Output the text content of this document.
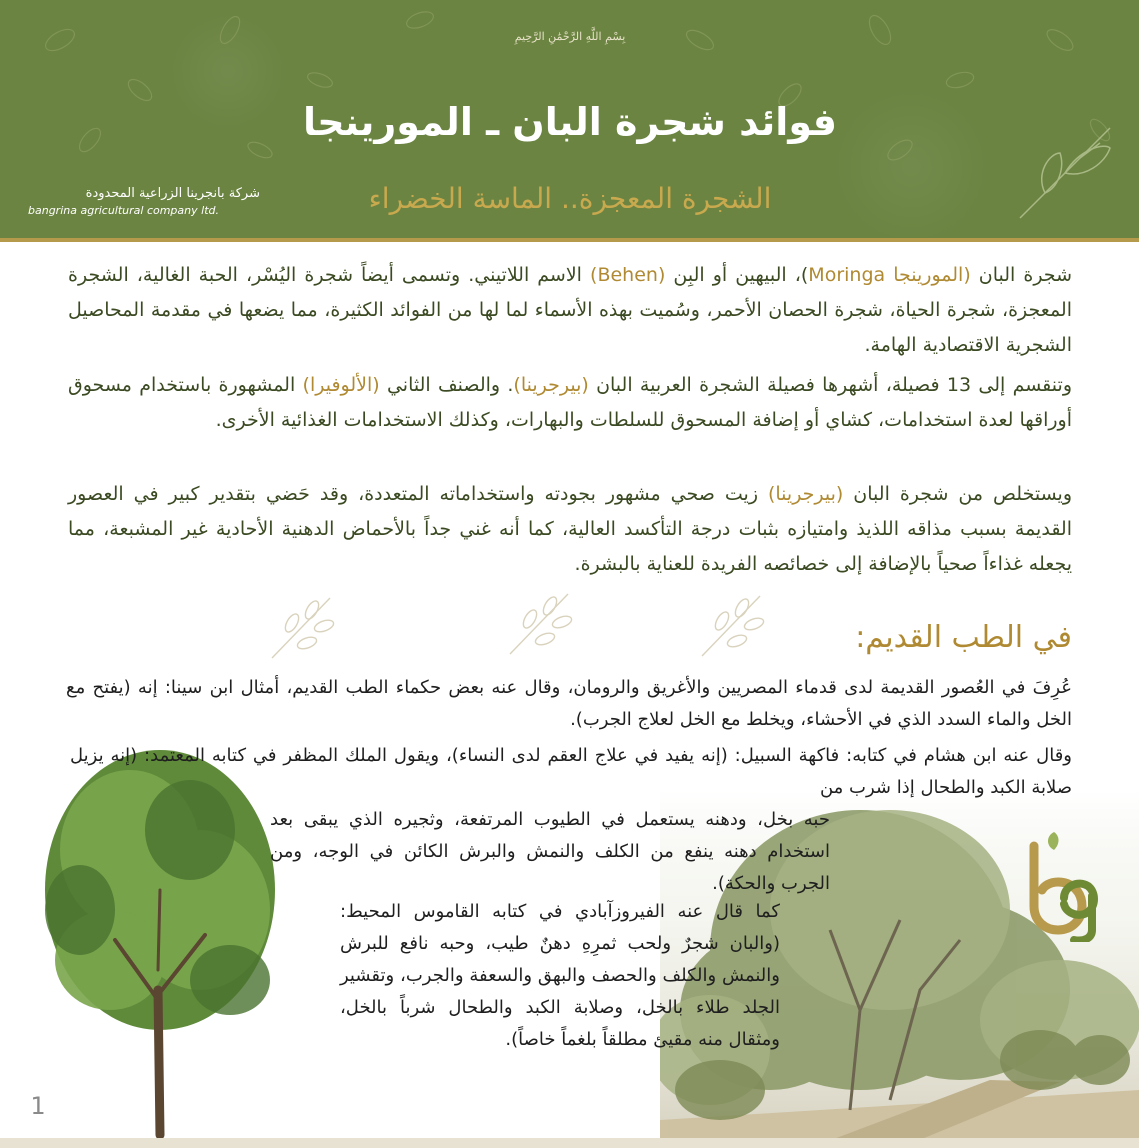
بِسْمِ اللَّهِ الرَّحْمَٰنِ الرَّحِيمِ
فوائد شجرة البان ـ المورينجا
الشجرة المعجزة.. الماسة الخضراء
شركة بانجرينا الزراعية المحدودة
bangrina agricultural company ltd.

شجرة البان (المورينجا Moringa)، البيهين أو البِن (Behen) الاسم اللاتيني. وتسمى أيضاً شجرة اليُسْر، الحبة الغالية، الشجرة المعجزة، شجرة الحياة، شجرة الحصان الأحمر، وسُميت بهذه الأسماء لما لها من الفوائد الكثيرة، مما يضعها في مقدمة المحاصيل الشجرية الاقتصادية الهامة.

وتنقسم إلى 13 فصيلة، أشهرها فصيلة الشجرة العربية البان (بيرجرينا). والصنف الثاني (الألوفيرا) المشهورة باستخدام مسحوق أوراقها لعدة استخدامات، كشاي أو إضافة المسحوق للسلطات والبهارات، وكذلك الاستخدامات الغذائية الأخرى.

ويستخلص من شجرة البان (بيرجرينا) زيت صحي مشهور بجودته واستخداماته المتعددة، وقد حَضي بتقدير كبير في العصور القديمة بسبب مذاقه اللذيذ وامتيازه بثبات درجة التأكسد العالية، كما أنه غني جداً بالأحماض الدهنية الأحادية غير المشبعة، مما يجعله غذاءاً صحياً بالإضافة إلى خصائصه الفريدة للعناية بالبشرة.

في الطب القديم:

عُرِفَ في العُصور القديمة لدى قدماء المصريين والأغريق والرومان، وقال عنه بعض حكماء الطب القديم، أمثال ابن سينا: إنه (يفتح مع الخل والماء السدد الذي في الأحشاء، ويخلط مع الخل لعلاج الجرب).

وقال عنه ابن هشام في كتابه: فاكهة السبيل: (إنه يفيد في علاج العقم لدى النساء)، ويقول الملك المظفر في كتابه المعتمد: (إنه يزيل صلابة الكبد والطحال إذا شرب من

حبه بخل، ودهنه يستعمل في الطيوب المرتفعة، وثجيره الذي يبقى بعد استخدام دهنه ينفع من الكلف والنمش والبرش الكائن في الوجه، ومن الجرب والحكة).

كما قال عنه الفيروزآبادي في كتابه القاموس المحيط: (والبان شجرٌ ولحب ثمرِهِ دهنٌ طيب، وحبه نافع للبرش والنمش والكلف والحصف والبهق والسعفة والجرب، وتقشير الجلد طلاء بالخل، وصلابة الكبد والطحال شرباً بالخل، ومثقال منه مقيئ مطلقاً بلغماً خاصاً).

1
